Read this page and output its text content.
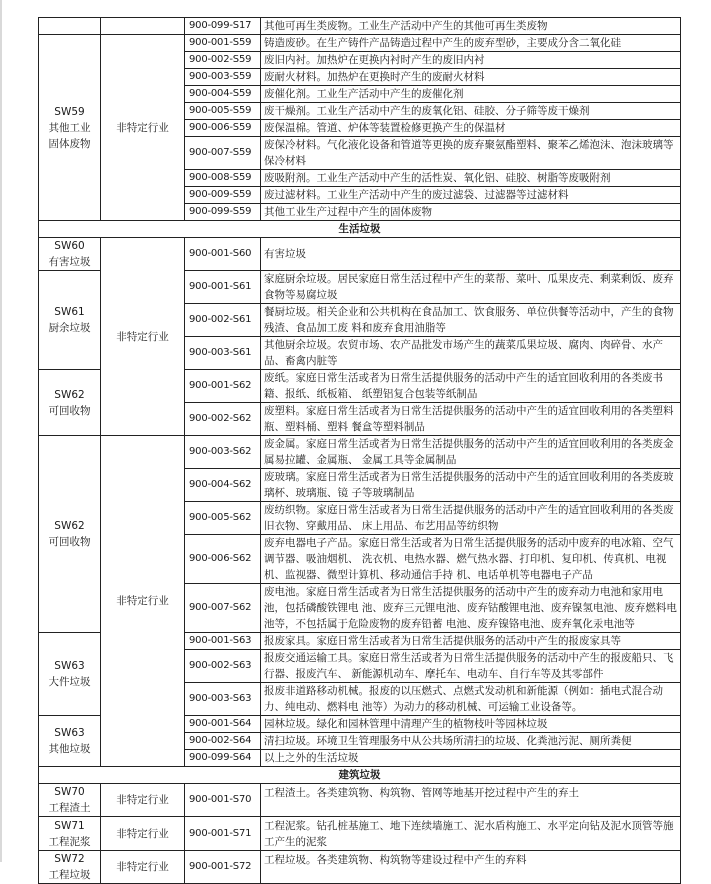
		900-099-S17	其他可再生类废物。工业生产活动中产生的其他可再生类废物

SW59
其他工业
固体废物	非特定行业	900-001-S59	铸造废砂。在生产铸件产品铸造过程中产生的废弃型砂，主要成分含二氧化硅
		900-002-S59	废旧内衬。加热炉在更换内衬时产生的废旧内衬
		900-003-S59	废耐火材料。加热炉在更换时产生的废耐火材料
		900-004-S59	废催化剂。工业生产活动中产生的废催化剂
		900-005-S59	废干燥剂。工业生产活动中产生的废氧化铝、硅胶、分子筛等废干燥剂
		900-006-S59	废保温棉。管道、炉体等装置检修更换产生的保温材
		900-007-S59	废保冷材料。气化液化设备和管道等更换的废弃聚氨酯塑料、聚苯乙烯泡沫、泡沫玻璃等保冷材料
		900-008-S59	废吸附剂。工业生产活动中产生的活性炭、氧化铝、硅胶、树脂等废吸附剂
		900-009-S59	废过滤材料。工业生产活动中产生的废过滤袋、过滤器等过滤材料
		900-099-S59	其他工业生产过程中产生的固体废物
生活垃圾			

SW60
有害垃圾	非特定行业	900-001-S60	有害垃圾

SW61
厨余垃圾		900-001-S61	家庭厨余垃圾。居民家庭日常生活过程中产生的菜帮、菜叶、瓜果皮壳、剩菜剩饭、废弃食物等易腐垃圾
		900-002-S61	餐厨垃圾。相关企业和公共机构在食品加工、饮食服务、单位供餐等活动中，产生的食物残渣、食品加工废 料和废弃食用油脂等
		900-003-S61	其他厨余垃圾。农贸市场、农产品批发市场产生的蔬菜瓜果垃圾、腐肉、肉碎骨、水产品、畜禽内脏等

SW62
可回收物		900-001-S62	废纸。家庭日常生活或者为日常生活提供服务的活动中产生的适宜回收利用的各类废书籍、报纸、纸板箱、 纸塑铝复合包装等纸制品
		900-002-S62	废塑料。家庭日常生活或者为日常生活提供服务的活动中产生的适宜回收利用的各类塑料瓶、塑料桶、塑料 餐盒等塑料制品

SW62
可回收物	非特定行业	900-003-S62	废金属。家庭日常生活或者为日常生活提供服务的活动中产生的适宜回收利用的各类废金属易拉罐、金属瓶、 金属工具等金属制品
		900-004-S62	废玻璃。家庭日常生活或者为日常生活提供服务的活动中产生的适宜回收利用的各类废玻璃杯、玻璃瓶、镜 子等玻璃制品
		900-005-S62	废纺织物。家庭日常生活或者为日常生活提供服务的活动中产生的适宜回收利用的各类废旧衣物、穿戴用品、 床上用品、布艺用品等纺织物
		900-006-S62	废弃电器电子产品。家庭日常生活或者为日常生活提供服务的活动中废弃的电冰箱、空气调节器、吸油烟机、 洗衣机、电热水器、燃气热水器、打印机、复印机、传真机、电视机、监视器、微型计算机、移动通信手持 机、电话单机等电器电子产品
		900-007-S62	废电池。家庭日常生活或者为日常生活提供服务的活动中产生的废弃动力电池和家用电池，包括磷酸铁锂电 池、废弃三元锂电池、废弃钴酸锂电池、废弃镍氢电池、废弃燃料电池等，不包括属于危险废物的废弃铅蓄 电池、废弃镍铬电池、废弃氧化汞电池等

SW63
大件垃圾		900-001-S63	报废家具。家庭日常生活或者为日常生活提供服务的活动中产生的报废家具等
		900-002-S63	报废交通运输工具。家庭日常生活或者为日常生活提供服务的活动中产生的报废船只、飞行器、报废汽车、 新能源机动车、摩托车、电动车、自行车等及其零部件
		900-003-S63	报废非道路移动机械。报废的以压燃式、点燃式发动机和新能源（例如：插电式混合动力、纯电动、燃料电 池等）为动力的移动机械、可运输工业设备等。

SW63
其他垃圾		900-001-S64	园林垃圾。绿化和园林管理中清理产生的植物枝叶等园林垃圾
		900-002-S64	清扫垃圾。环境卫生管理服务中从公共场所清扫的垃圾、化粪池污泥、厕所粪便
		900-099-S64	以上之外的生活垃圾
建筑垃圾			

SW70
工程渣土	非特定行业	900-001-S70	工程渣土。各类建筑物、构筑物、管网等地基开挖过程中产生的弃土

SW71
工程泥浆	非特定行业	900-001-S71	工程泥浆。钻孔桩基施工、地下连续墙施工、泥水盾构施工、水平定向钻及泥水顶管等施工产生的泥浆

SW72
工程垃圾	非特定行业	900-001-S72	工程垃圾。各类建筑物、构筑物等建设过程中产生的弃料
